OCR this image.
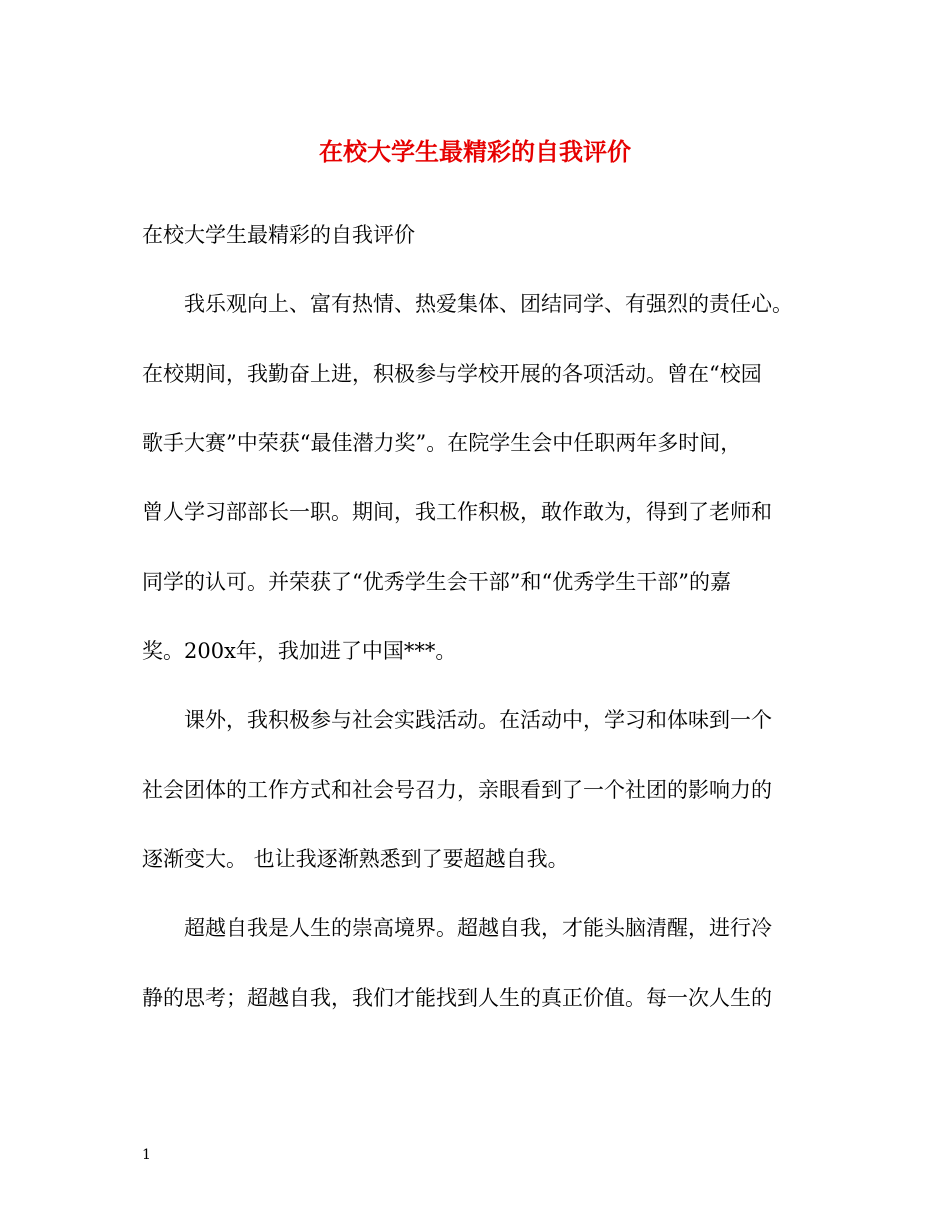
在校大学生最精彩的自我评价
在校大学生最精彩的自我评价
　　我乐观向上、富有热情、热爱集体、团结同学、有强烈的责任心。
在校期间，我勤奋上进，积极参与学校开展的各项活动。曾在“校园
歌手大赛”中荣获“最佳潜力奖”。在院学生会中任职两年多时间，
曾人学习部部长一职。期间，我工作积极，敢作敢为，得到了老师和
同学的认可。并荣获了“优秀学生会干部”和“优秀学生干部”的嘉
奖。200x年，我加进了中国***。
　　课外，我积极参与社会实践活动。在活动中，学习和体味到一个
社会团体的工作方式和社会号召力，亲眼看到了一个社团的影响力的
逐渐变大。 也让我逐渐熟悉到了要超越自我。
　　超越自我是人生的崇高境界。超越自我，才能头脑清醒，进行冷
静的思考；超越自我，我们才能找到人生的真正价值。每一次人生的
1
